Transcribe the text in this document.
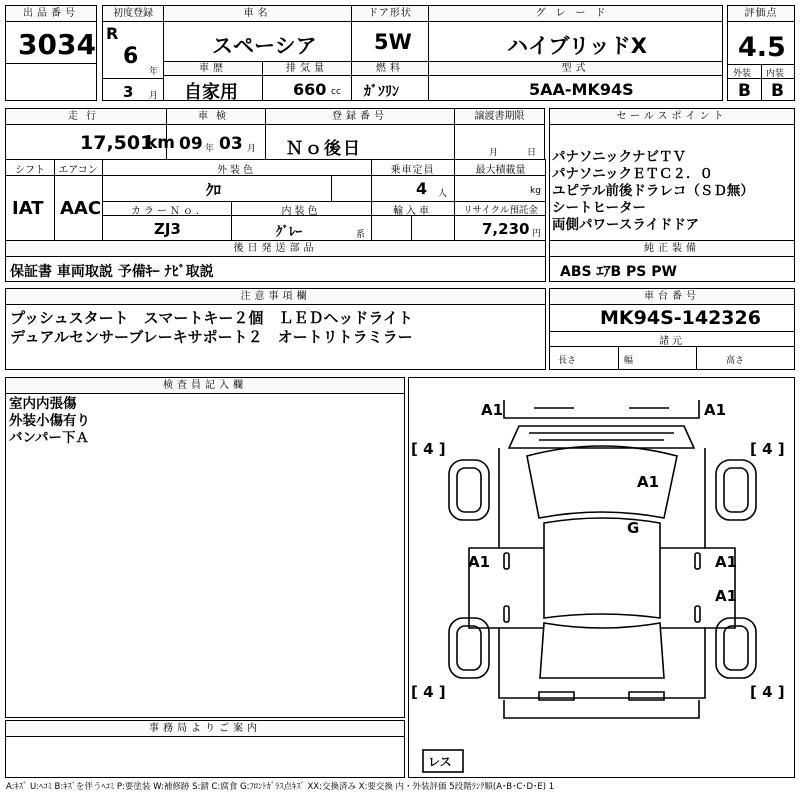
出品番号
3034
初度登録
R
6
年
3 月
車名
スペーシア
ドア形状
5W
グレード
ハイブリッドX
評価点
4.5
外装 内装
B B
車歴
自家用
排気量
660 cc
燃料
ｶﾞｿﾘﾝ
型式
5AA-MK94S
走行
17,501
km
車検
09 年 03 月
登録番号
Ｎｏ後日
譲渡書期限
月	日
セールスポイント
パナソニックナビＴＶ
パナソニックＥＴＣ２．０
ユピテル前後ドラレコ（ＳＤ無）
シートヒーター
両側パワースライドドア
シフト
IAT
エアコン
AAC
外装色
ｸﾛ
乗車定員
4 人
最大積載量
kg
カラーＮｏ.
ZJ3
内装色
ｸﾞﾚｰ	系
輸入車	リサイクル預託金
7,230 円
後日発送部品
保証書 車両取説 予備ｷｰ ﾅﾋﾞ取説
純正装備
ABS ｴｱB PS PW
注意事項欄
プッシュスタート　スマートキー２個　ＬＥＤヘッドライト
デュアルセンサーブレーキサポート２　オートリトラミラー
車台番号
MK94S-142326
諸元
長さ	幅	高さ
検査員記入欄
室内内張傷
外装小傷有り
バンパー下Ａ
事務局よりご案内
A1	A1
A1
G
A1	A1
A1
[ 4 ]	[ 4 ]
[ 4 ]	[ 4 ]
レス
A:ｷｽﾞ U:ﾍｺﾐ B:ｷｽﾞを伴うﾍｺﾐ P:要塗装 W:補修跡 S:錆 C:腐食 G:ﾌﾛﾝﾄｶﾞﾗｽ点ｷｽﾞ XX:交換済み X:要交換 内・外装評価 5段階ﾗﾝｸ順(A･B･C･D･E) 1
